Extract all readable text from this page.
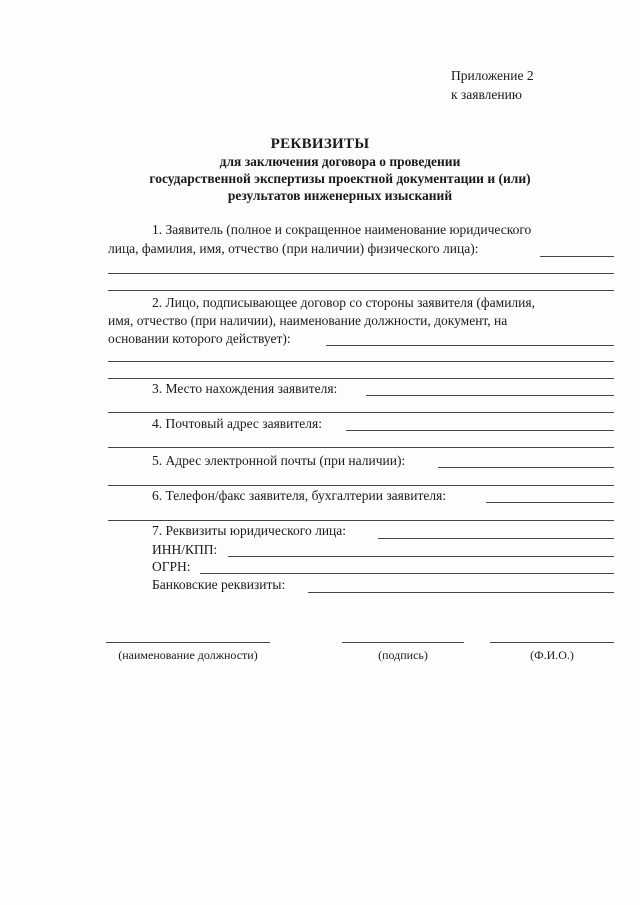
Приложение 2
к заявлению
РЕКВИЗИТЫ
для заключения договора о проведении
государственной экспертизы проектной документации и (или)
результатов инженерных изысканий
1. Заявитель (полное и сокращенное наименование юридического
лица, фамилия, имя, отчество (при наличии) физического лица):
2. Лицо, подписывающее договор со стороны заявителя (фамилия,
имя, отчество (при наличии), наименование должности, документ, на
основании которого действует):
3. Место нахождения заявителя:
4. Почтовый адрес заявителя:
5. Адрес электронной почты (при наличии):
6. Телефон/факс заявителя, бухгалтерии заявителя:
7. Реквизиты юридического лица:
ИНН/КПП:
ОГРН:
Банковские реквизиты:
(наименование должности)	(подпись)	(Ф.И.О.)
